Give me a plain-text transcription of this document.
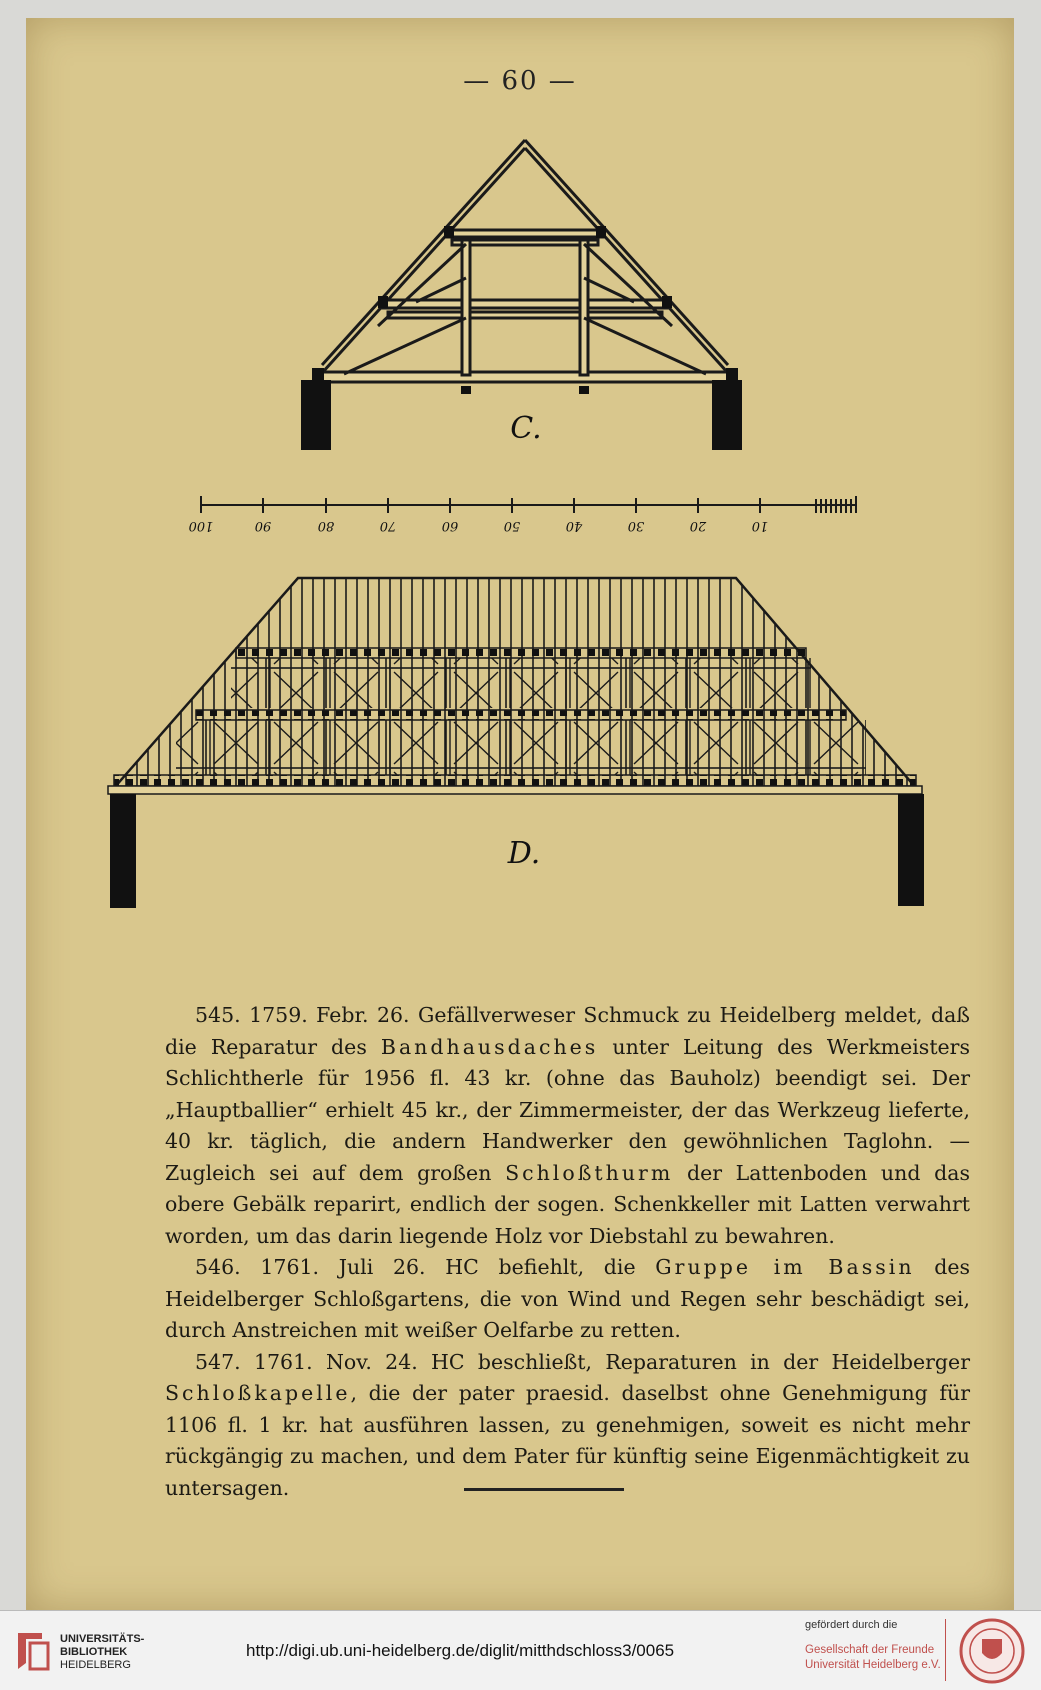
— 60 —
C.
100	90	80	70	60	50	40	30	20	10
D.

545. 1759. Febr. 26. Gefällverweser Schmuck zu Heidelberg meldet, daß die Reparatur des Bandhausdaches unter Leitung des Werkmeisters Schlichtherle für 1956 fl. 43 kr. (ohne das Bauholz) beendigt sei. Der „Hauptballier“ erhielt 45 kr., der Zimmermeister, der das Werkzeug lieferte, 40 kr. täglich, die andern Handwerker den gewöhnlichen Taglohn. — Zugleich sei auf dem großen Schloßthurm der Lattenboden und das obere Gebälk reparirt, endlich der sogen. Schenkkeller mit Latten verwahrt worden, um das darin liegende Holz vor Diebstahl zu bewahren.

546. 1761. Juli 26. HC befiehlt, die Gruppe im Bassin des Heidelberger Schloßgartens, die von Wind und Regen sehr beschädigt sei, durch Anstreichen mit weißer Oelfarbe zu retten.

547. 1761. Nov. 24. HC beschließt, Reparaturen in der Heidelberger Schloßkapelle, die der pater praesid. daselbst ohne Genehmigung für 1106 fl. 1 kr. hat ausführen lassen, zu genehmigen, soweit es nicht mehr rückgängig zu machen, und dem Pater für künftig seine Eigenmächtigkeit zu untersagen.

UNIVERSITÄTS-
BIBLIOTHEK
HEIDELBERG
http://digi.ub.uni-heidelberg.de/diglit/mitthdschloss3/0065
gefördert durch die
Gesellschaft der Freunde
Universität Heidelberg e.V.
